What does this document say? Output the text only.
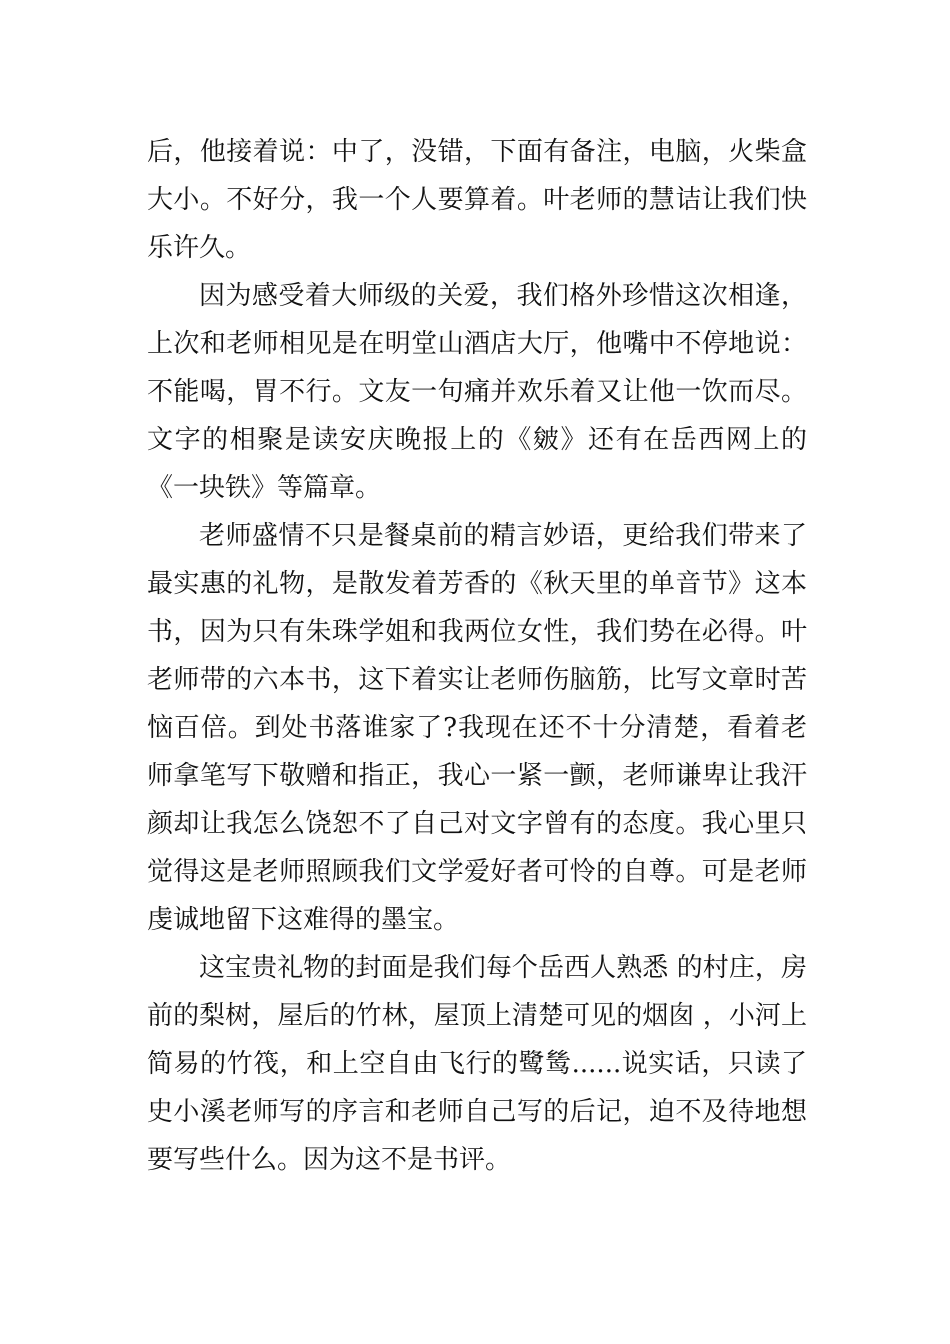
后，他接着说：中了，没错，下面有备注，电脑，火柴盒大小。不好分，我一个人要算着。叶老师的慧诘让我们快乐许久。

因为感受着大师级的关爱，我们格外珍惜这次相逢，上次和老师相见是在明堂山酒店大厅，他嘴中不停地说：不能喝，胃不行。文友一句痛并欢乐着又让他一饮而尽。文字的相聚是读安庆晚报上的《皴》还有在岳西网上的《一块铁》等篇章。

老师盛情不只是餐桌前的精言妙语，更给我们带来了最实惠的礼物，是散发着芳香的《秋天里的单音节》这本书，因为只有朱珠学姐和我两位女性，我们势在必得。叶老师带的六本书，这下着实让老师伤脑筋，比写文章时苦恼百倍。到处书落谁家了?我现在还不十分清楚，看着老师拿笔写下敬赠和指正，我心一紧一颤，老师谦卑让我汗颜却让我怎么饶恕不了自己对文字曾有的态度。我心里只觉得这是老师照顾我们文学爱好者可怜的自尊。可是老师虔诚地留下这难得的墨宝。

这宝贵礼物的封面是我们每个岳西人熟悉 的村庄，房前的梨树，屋后的竹林，屋顶上清楚可见的烟囱 ，小河上简易的竹筏，和上空自由飞行的鹭鸶......说实话，只读了史小溪老师写的序言和老师自己写的后记，迫不及待地想要写些什么。因为这不是书评。
